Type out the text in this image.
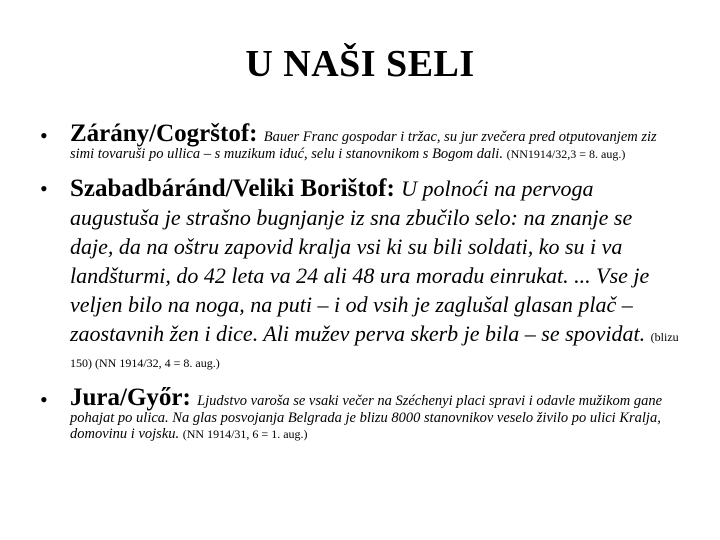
U NAŠI SELI
• Zárány/Cogrštof: Bauer Franc gospodar i tržac, su jur zvečera pred otputovanjem ziz simi tovaruši po ullica – s muzikum iduć, selu i stanovnikom s Bogom dali. (NN1914/32,3 = 8. aug.)
• Szabadbáránd/Veliki Borištof: U polnoći na pervoga augustuša je strašno bugnjanje iz sna zbučilo selo: na znanje se daje, da na oštru zapovid kralja vsi ki su bili soldati, ko su i va landšturmi, do 42 leta va 24 ali 48 ura moradu einrukat. ... Vse je veljen bilo na noga, na puti – i od vsih je zaglušal glasan plač – zaostavnih žen i dice. Ali mužev perva skerb je bila – se spovidat. (blizu 150) (NN 1914/32, 4 = 8. aug.)
• Jura/Győr: Ljudstvo varoša se vsaki večer na Széchenyi placi spravi i odavle mužikom gane pohajat po ulica. Na glas posvojanja Belgrada je blizu 8000 stanovnikov veselo živilo po ulici Kralja, domovinu i vojsku. (NN 1914/31, 6 = 1. aug.)
